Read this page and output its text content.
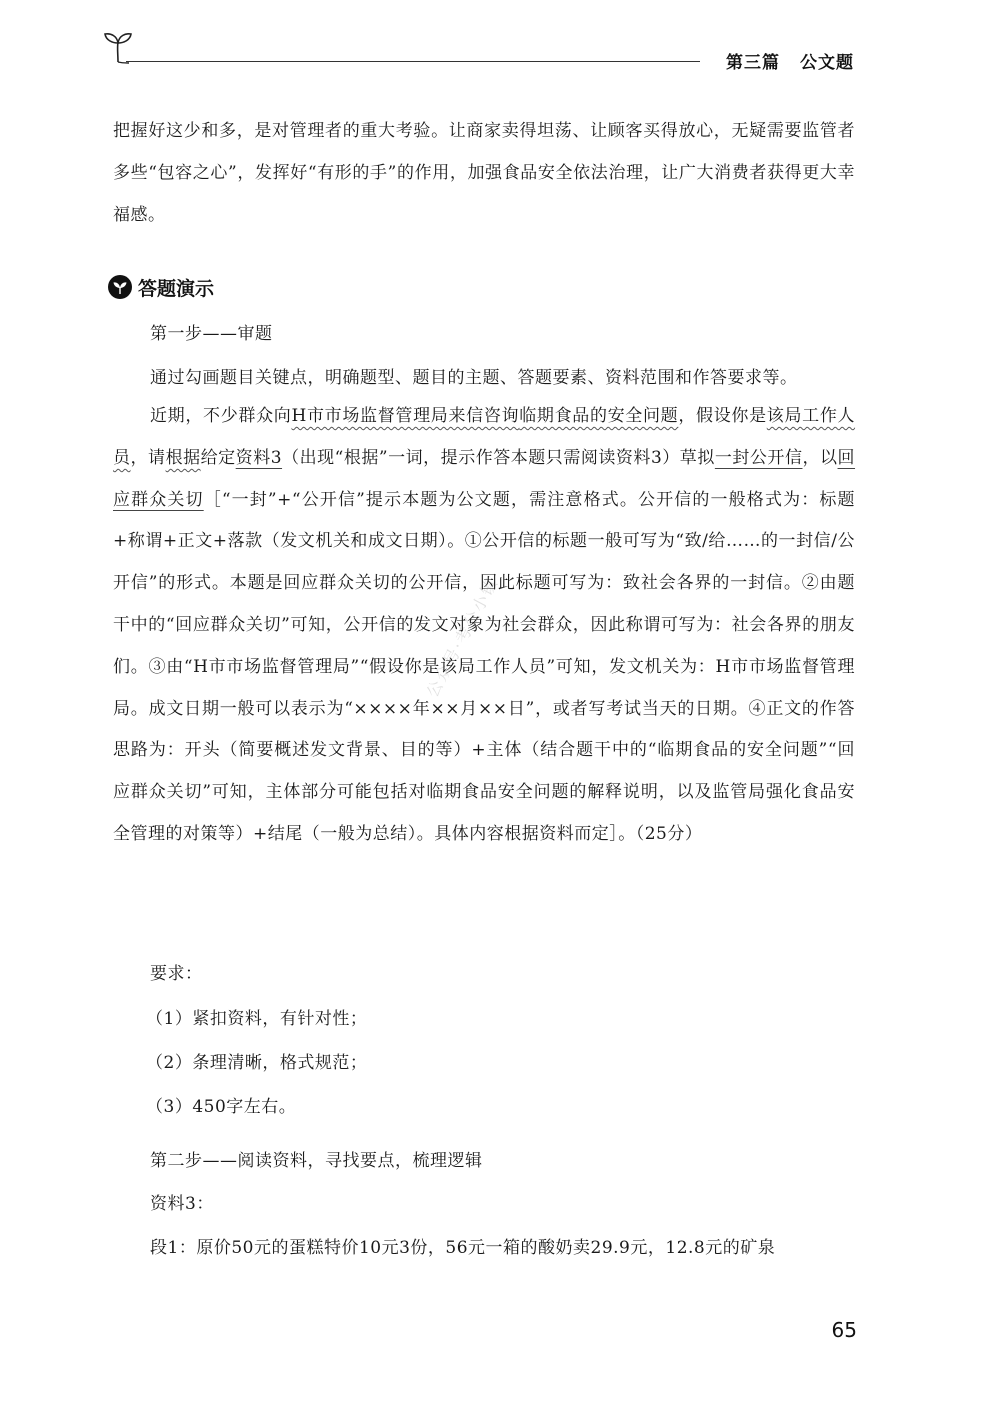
第三篇 公文题

把握好这少和多，是对管理者的重大考验。让商家卖得坦荡、让顾客买得放心，无疑需要监管者多些“包容之心”，发挥好“有形的手”的作用，加强食品安全依法治理，让广大消费者获得更大幸福感。

答题演示

第一步——审题

通过勾画题目关键点，明确题型、题目的主题、答题要素、资料范围和作答要求等。

近期，不少群众向H市市场监督管理局来信咨询临期食品的安全问题，假设你是该局工作人员，请根据给定资料3（出现“根据”一词，提示作答本题只需阅读资料3）草拟一封公开信，以回应群众关切［“一封”+“公开信”提示本题为公文题，需注意格式。公开信的一般格式为：标题+称谓+正文+落款（发文机关和成文日期）。①公开信的标题一般可写为“致/给……的一封信/公开信”的形式。本题是回应群众关切的公开信，因此标题可写为：致社会各界的一封信。②由题干中的“回应群众关切”可知，公开信的发文对象为社会群众，因此称谓可写为：社会各界的朋友们。③由“H市市场监督管理局”“假设你是该局工作人员”可知，发文机关为：H市市场监督管理局。成文日期一般可以表示为“××××年××月××日”，或者写考试当天的日期。④正文的作答思路为：开头（简要概述发文背景、目的等）+主体（结合题干中的“临期食品的安全问题”“回应群众关切”可知，主体部分可能包括对临期食品安全问题的解释说明，以及监管局强化食品安全管理的对策等）+结尾（一般为总结）。具体内容根据资料而定］。（25分）

要求：

（1）紧扣资料，有针对性；

（2）条理清晰，格式规范；

（3）450字左右。

第二步——阅读资料，寻找要点，梳理逻辑

资料3：

段1：原价50元的蛋糕特价10元3份，56元一箱的酸奶卖29.9元，12.8元的矿泉

公众号·考公小镇
65
